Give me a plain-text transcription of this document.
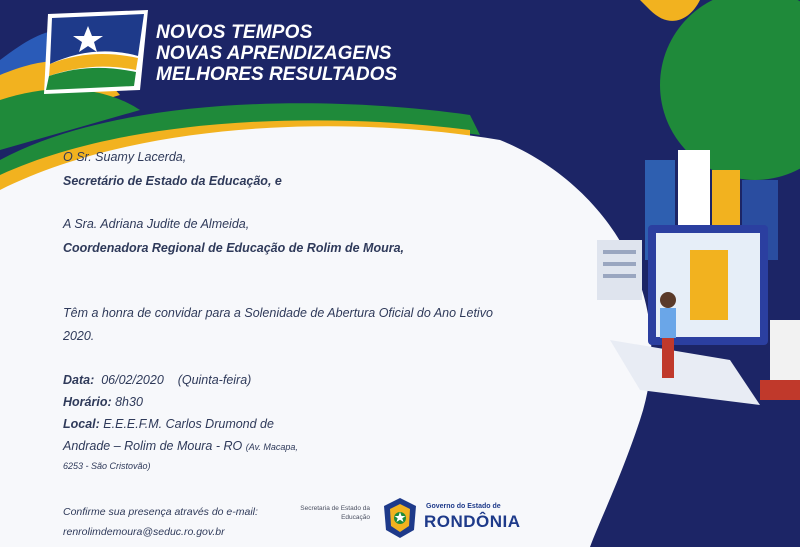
NOVOS TEMPOS
NOVAS APRENDIZAGENS
MELHORES RESULTADOS
O Sr. Suamy Lacerda,
Secretário de Estado da Educação, e
A Sra. Adriana Judite de Almeida,
Coordenadora Regional de Educação de Rolim de Moura,
Têm a honra de convidar para a Solenidade de Abertura Oficial do Ano Letivo
2020.
Data: 06/02/2020 (Quinta-feira)
Horário: 8h30
Local: E.E.E.F.M. Carlos Drumond de
Andrade – Rolim de Moura - RO (Av. Macapa,
6253 - São Cristovão)
Confirme sua presença através do e-mail:
renrolimdemoura@seduc.ro.gov.br
Secretaria de Estado da
Educação
Governo do Estado de
RONDÔNIA
